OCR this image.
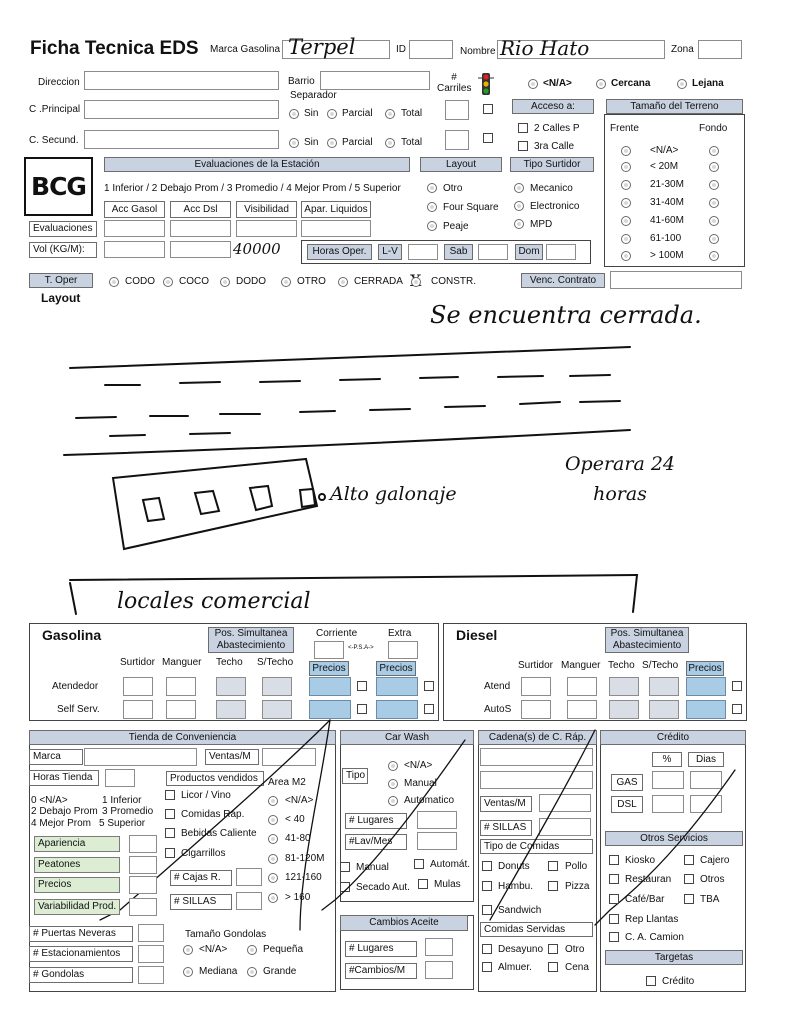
Ficha Tecnica EDS Marca Gasolina Terpel	ID	Nombre Rio Hato	Zona
Direccion	Barrio
Separador
# Carriles	<N/A>	Cercana	Lejana
C .Principal	Sin Parcial	Total
C. Secund.	Sin Parcial	Total
Acceso a:
2 Calles P
3ra Calle
Tamaño del Terreno
Frente	Fondo
BCG
Evaluaciones de la Estación
1 Inferior / 2 Debajo Prom / 3 Promedio / 4 Mejor Prom / 5 Superior
Acc Gasol	Acc Dsl	Visibilidad	Apar. Liquidos
Evaluaciones
Vol (KG/M):	40000
Layout
Otro
Four Square
Peaje
Tipo Surtidor
Mecanico
Electronico
MPD
Horas Oper.	L-V	Sab	Dom
T. Oper	Venc. Contrato
Layout
Se encuentra cerrada.
Operara 24 horas
Alto galonaje
locales comercial
Gasolina	Pos. Simultanea Abastecimiento
Corriente	Extra
<-P.S.A->
Surtidor Manguer Techo S/Techo
Precios	Precios
Atendedor
Self Serv.
Diesel	Pos. Simultanea Abastecimiento
Surtidor Manguer Techo S/Techo Precios
Atend
AutoS
Tienda de Conveniencia
Marca	Ventas/M
Horas Tienda	Productos vendidos	Area M2
0 <N/A>	1 Inferior
2 Debajo Prom 3 Promedio
4 Mejor Prom 5 Superior
# Cajas R.
# SILLAS
# Puertas Neveras
# Estacionamientos
# Gondolas
Tamaño Gondolas
<N/A>	Pequeña
Mediana	Grande
Car Wash
Tipo
<N/A>
Manual
Automatico
# Lugares
#Lav/Mes
Manual	Automát.
Secado Aut. Mulas
Cambios Aceite
# Lugares
#Cambios/M
Cadena(s) de C. Ráp.
Ventas/M
# SILLAS
Tipo de Comidas
Donuts	Pollo
Hambu.	Pizza
Sandwich
Comidas Servidas
Desayuno Otro
Almuer.	Cena
Crédito
%	Dias
GAS
DSL
Otros Servicios
Targetas
Crédito
<N/A>
< 20M
21-30M
31-40M
41-60M
61-100
> 100M
CODO COCO	DODO	OTRO	CERRADA	CONSTR.
Licor / Vino
Comidas Ráp.
Bebidas Caliente
Cigarrillos
<N/A>
< 40
41-80
81-120M
121-160
> 160
Apariencia
Peatones
Precios
Variabilidad Prod.
Kiosko	Cajero
Restauran	Otros
Café/Bar	TBA
Rep Llantas
C. A. Camion
